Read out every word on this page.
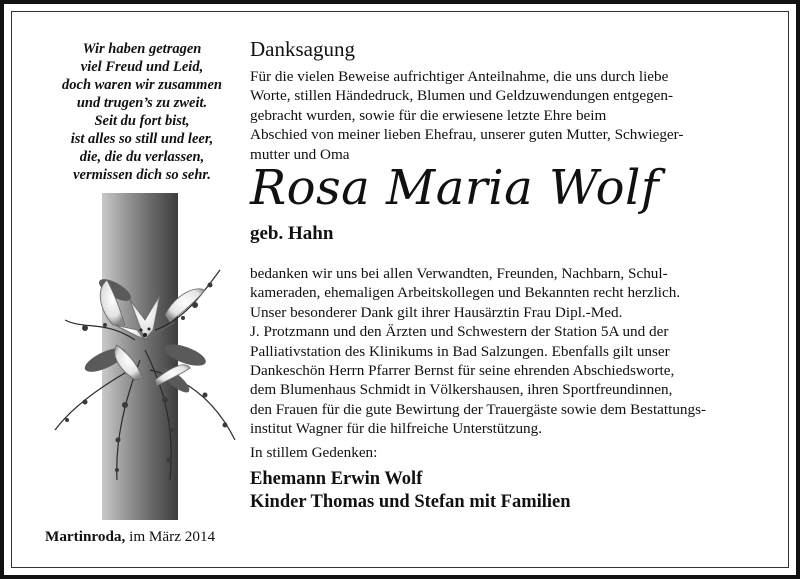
Wir haben getragen
viel Freud und Leid,
doch waren wir zusammen
und trugen’s zu zweit.
Seit du fort bist,
ist alles so still und leer,
die, die du verlassen,
vermissen dich so sehr.
Danksagung
Für die vielen Beweise aufrichtiger Anteilnahme, die uns durch liebe
Worte, stillen Händedruck, Blumen und Geldzuwendungen entgegen-
gebracht wurden, sowie für die erwiesene letzte Ehre beim
Abschied von meiner lieben Ehefrau, unserer guten Mutter, Schwieger-
mutter und Oma
Rosa Maria Wolf
geb. Hahn
bedanken wir uns bei allen Verwandten, Freunden, Nachbarn, Schul-
kameraden, ehemaligen Arbeitskollegen und Bekannten recht herzlich.
Unser besonderer Dank gilt ihrer Hausärztin Frau Dipl.-Med.
J. Protzmann und den Ärzten und Schwestern der Station 5A und der
Palliativstation des Klinikums in Bad Salzungen. Ebenfalls gilt unser
Dankeschön Herrn Pfarrer Bernst für seine ehrenden Abschiedsworte,
dem Blumenhaus Schmidt in Völkershausen, ihren Sportfreundinnen,
den Frauen für die gute Bewirtung der Trauergäste sowie dem Bestattungs-
institut Wagner für die hilfreiche Unterstützung.
In stillem Gedenken:
Ehemann Erwin Wolf
Kinder Thomas und Stefan mit Familien
Martinroda, im März 2014
